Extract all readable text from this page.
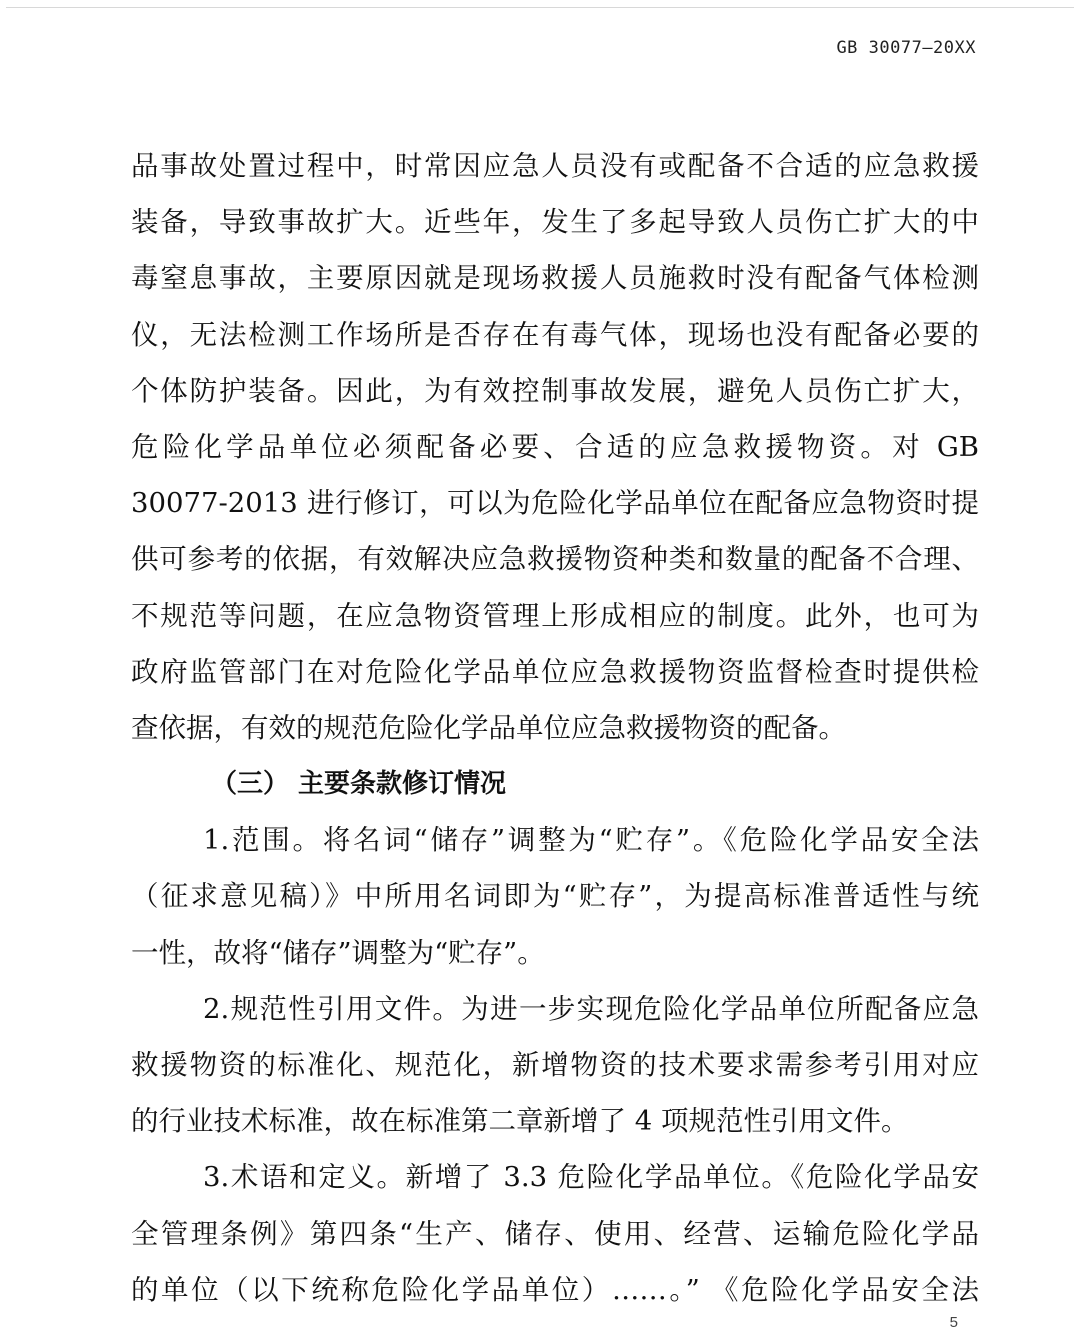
GB 30077—20XX
品事故处置过程中，时常因应急人员没有或配备不合适的应急救援
装备，导致事故扩大。近些年，发生了多起导致人员伤亡扩大的中
毒窒息事故，主要原因就是现场救援人员施救时没有配备气体检测
仪，无法检测工作场所是否存在有毒气体，现场也没有配备必要的
个体防护装备。因此，为有效控制事故发展，避免人员伤亡扩大，
危险化学品单位必须配备必要、合适的应急救援物资。对 GB
30077-2013 进行修订，可以为危险化学品单位在配备应急物资时提
供可参考的依据，有效解决应急救援物资种类和数量的配备不合理、
不规范等问题，在应急物资管理上形成相应的制度。此外，也可为
政府监管部门在对危险化学品单位应急救援物资监督检查时提供检
查依据，有效的规范危险化学品单位应急救援物资的配备。
（三） 主要条款修订情况
1.范围。将名词“储存”调整为“贮存”。《危险化学品安全法
（征求意见稿）》中所用名词即为“贮存”，为提高标准普适性与统
一性，故将“储存”调整为“贮存”。
2.规范性引用文件。为进一步实现危险化学品单位所配备应急
救援物资的标准化、规范化，新增物资的技术要求需参考引用对应
的行业技术标准，故在标准第二章新增了 4 项规范性引用文件。
3.术语和定义。新增了 3.3 危险化学品单位。《危险化学品安
全管理条例》第四条“生产、储存、使用、经营、运输危险化学品
的单位（以下统称危险化学品单位）……。” 《危险化学品安全法
5
